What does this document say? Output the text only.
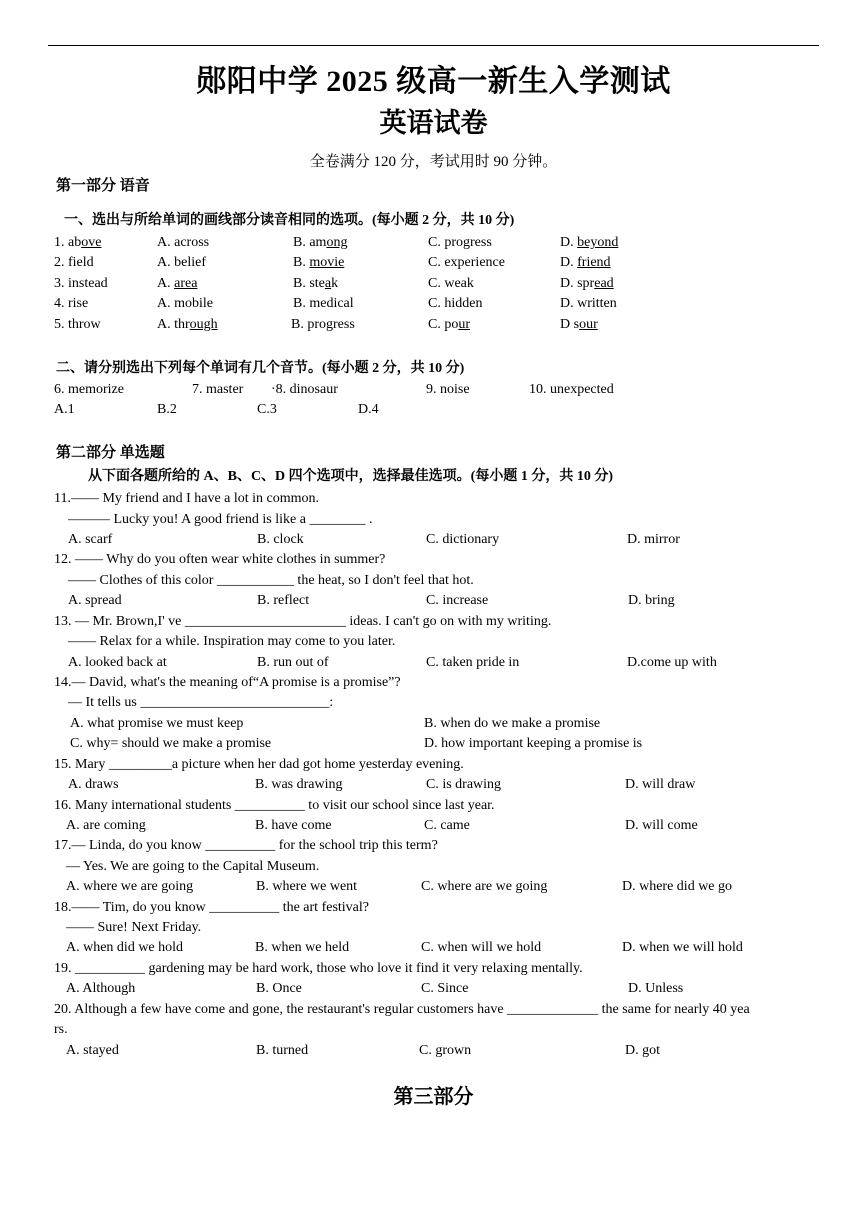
郧阳中学 2025 级高一新生入学测试
英语试卷
全卷满分 120 分，考试用时 90 分钟。
第一部分 语音
一、选出与所给单词的画线部分读音相同的选项。(每小题 2 分，共 10 分)
1. above	A. across	B. among	C. progress	D. beyond
2. field	A. belief	B. movie	C. experience	D. friend
3. instead	A. area	B. steak	C. weak	D. spread
4. rise	A. mobile	B. medical	C. hidden	D. written
5. throw	A. through	B. progress	C. pour	D sour
二、请分别选出下列每个单词有几个音节。(每小题 2 分，共 10 分)
6. memorize	7. master ·8. dinosaur	9. noise	10. unexpected
A.1	B.2	C.3	D.4
第二部分 单选题
从下面各题所给的 A、B、C、D 四个选项中，选择最佳选项。(每小题 1 分，共 10 分)
11.—— My friend and I have a lot in common.
——— Lucky you! A good friend is like a ________ .
A. scarf	B. clock	C. dictionary	D. mirror
12. —— Why do you often wear white clothes in summer?
—— Clothes of this color ___________ the heat, so I don't feel that hot.
A. spread	B. reflect	C. increase	D. bring
13. — Mr. Brown,I' ve _______________________ ideas. I can't go on with my writing.
—— Relax for a while. Inspiration may come to you later.
A. looked back at	B. run out of	C. taken pride in	D.come up with
14.— David, what's the meaning of“A promise is a promise”?
— It tells us ___________________________:
A. what promise we must keep	B. when do we make a promise
C. why= should we make a promise	D. how important keeping a promise is
15. Mary _________a picture when her dad got home yesterday evening.
A. draws	B. was drawing	C. is drawing	D. will draw
16. Many international students __________ to visit our school since last year.
A. are coming	B. have come	C. came	D. will come
17.— Linda, do you know __________ for the school trip this term?
— Yes. We are going to the Capital Museum.
A. where we are going	B. where we went	C. where are we going	D. where did we go
18.—— Tim, do you know __________ the art festival?
—— Sure! Next Friday.
A. when did we hold	B. when we held	C. when will we hold	D. when we will hold
19. __________ gardening may be hard work, those who love it find it very relaxing mentally.
A. Although	B. Once	C. Since	D. Unless
20. Although a few have come and gone, the restaurant's regular customers have _____________ the same for nearly 40 yea
rs.
A. stayed	B. turned	C. grown	D. got
第三部分
